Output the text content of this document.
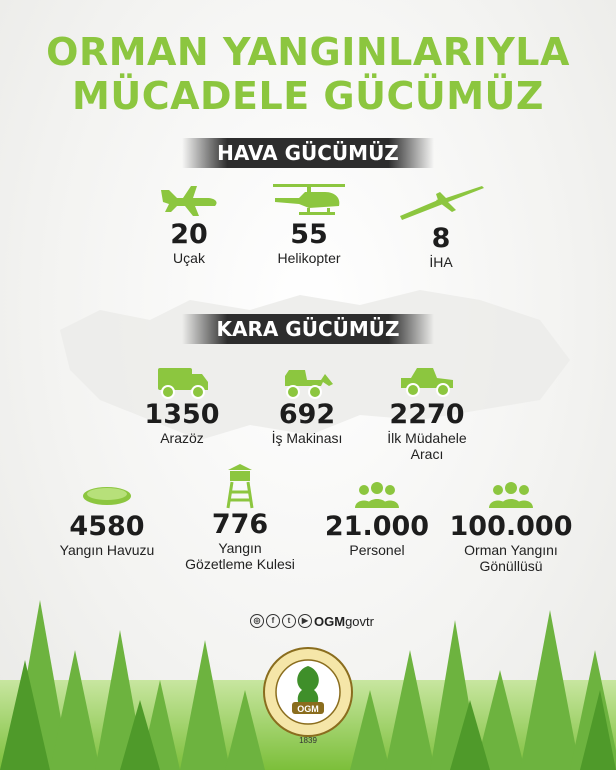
ORMAN YANGINLARIYLA
MÜCADELE GÜCÜMÜZ
HAVA GÜCÜMÜZ
20
Uçak
55
Helikopter
8
İHA
KARA GÜCÜMÜZ
1350
Arazöz
692
İş Makinası
2270
İlk Müdahele
Aracı
4580
Yangın Havuzu
776
Yangın
Gözetleme Kulesi
21.000
Personel
100.000
Orman Yangını
Gönüllüsü
◎	f	t	▶ OGMgovtr
OGM
1839
